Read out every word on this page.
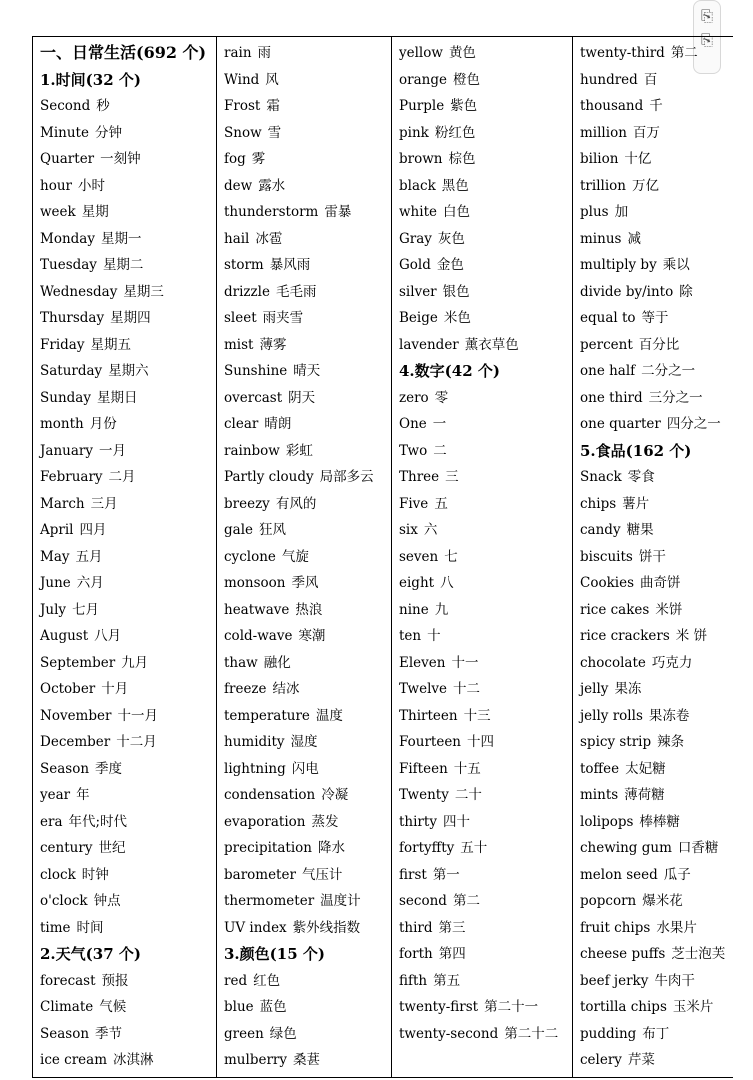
⎘
⎘
一、日常生活(692 个)
1.时间(32 个)
Second 秒
Minute 分钟
Quarter 一刻钟
hour 小时
week 星期
Monday 星期一
Tuesday 星期二
Wednesday 星期三
Thursday 星期四
Friday 星期五
Saturday 星期六
Sunday 星期日
month 月份
January 一月
February 二月
March 三月
April 四月
May 五月
June 六月
July 七月
August 八月
September 九月
October 十月
November 十一月
December 十二月
Season 季度
year 年
era 年代;时代
century 世纪
clock 时钟
o'clock 钟点
time 时间
2.天气(37 个)
forecast 预报
Climate 气候
Season 季节
ice cream 冰淇淋
rain 雨
Wind 风
Frost 霜
Snow 雪
fog 雾
dew 露水
thunderstorm 雷暴
hail 冰雹
storm 暴风雨
drizzle 毛毛雨
sleet 雨夹雪
mist 薄雾
Sunshine 晴天
overcast 阴天
clear 晴朗
rainbow 彩虹
Partly cloudy 局部多云
breezy 有风的
gale 狂风
cyclone 气旋
monsoon 季风
heatwave 热浪
cold-wave 寒潮
thaw 融化
freeze 结冰
temperature 温度
humidity 湿度
lightning 闪电
condensation 冷凝
evaporation 蒸发
precipitation 降水
barometer 气压计
thermometer 温度计
UV index 紫外线指数
3.颜色(15 个)
red 红色
blue 蓝色
green 绿色
mulberry 桑葚
yellow 黄色
orange 橙色
Purple 紫色
pink 粉红色
brown 棕色
black 黑色
white 白色
Gray 灰色
Gold 金色
silver 银色
Beige 米色
lavender 薰衣草色
4.数字(42 个)
zero 零
One 一
Two 二
Three 三
Five 五
six 六
seven 七
eight 八
nine 九
ten 十
Eleven 十一
Twelve 十二
Thirteen 十三
Fourteen 十四
Fifteen 十五
Twenty 二十
thirty 四十
fortyffty 五十
first 第一
second 第二
third 第三
forth 第四
fifth 第五
twenty-first 第二十一
twenty-second 第二十二
twenty-third 第二
hundred 百
thousand 千
million 百万
bilion 十亿
trillion 万亿
plus 加
minus 减
multiply by 乘以
divide by/into 除
equal to 等于
percent 百分比
one half 二分之一
one third 三分之一
one quarter 四分之一
5.食品(162 个)
Snack 零食
chips 薯片
candy 糖果
biscuits 饼干
Cookies 曲奇饼
rice cakes 米饼
rice crackers 米 饼
chocolate 巧克力
jelly 果冻
jelly rolls 果冻卷
spicy strip 辣条
toffee 太妃糖
mints 薄荷糖
lolipops 棒棒糖
chewing gum 口香糖
melon seed 瓜子
popcorn 爆米花
fruit chips 水果片
cheese puffs 芝士泡芙
beef jerky 牛肉干
tortilla chips 玉米片
pudding 布丁
celery 芹菜
